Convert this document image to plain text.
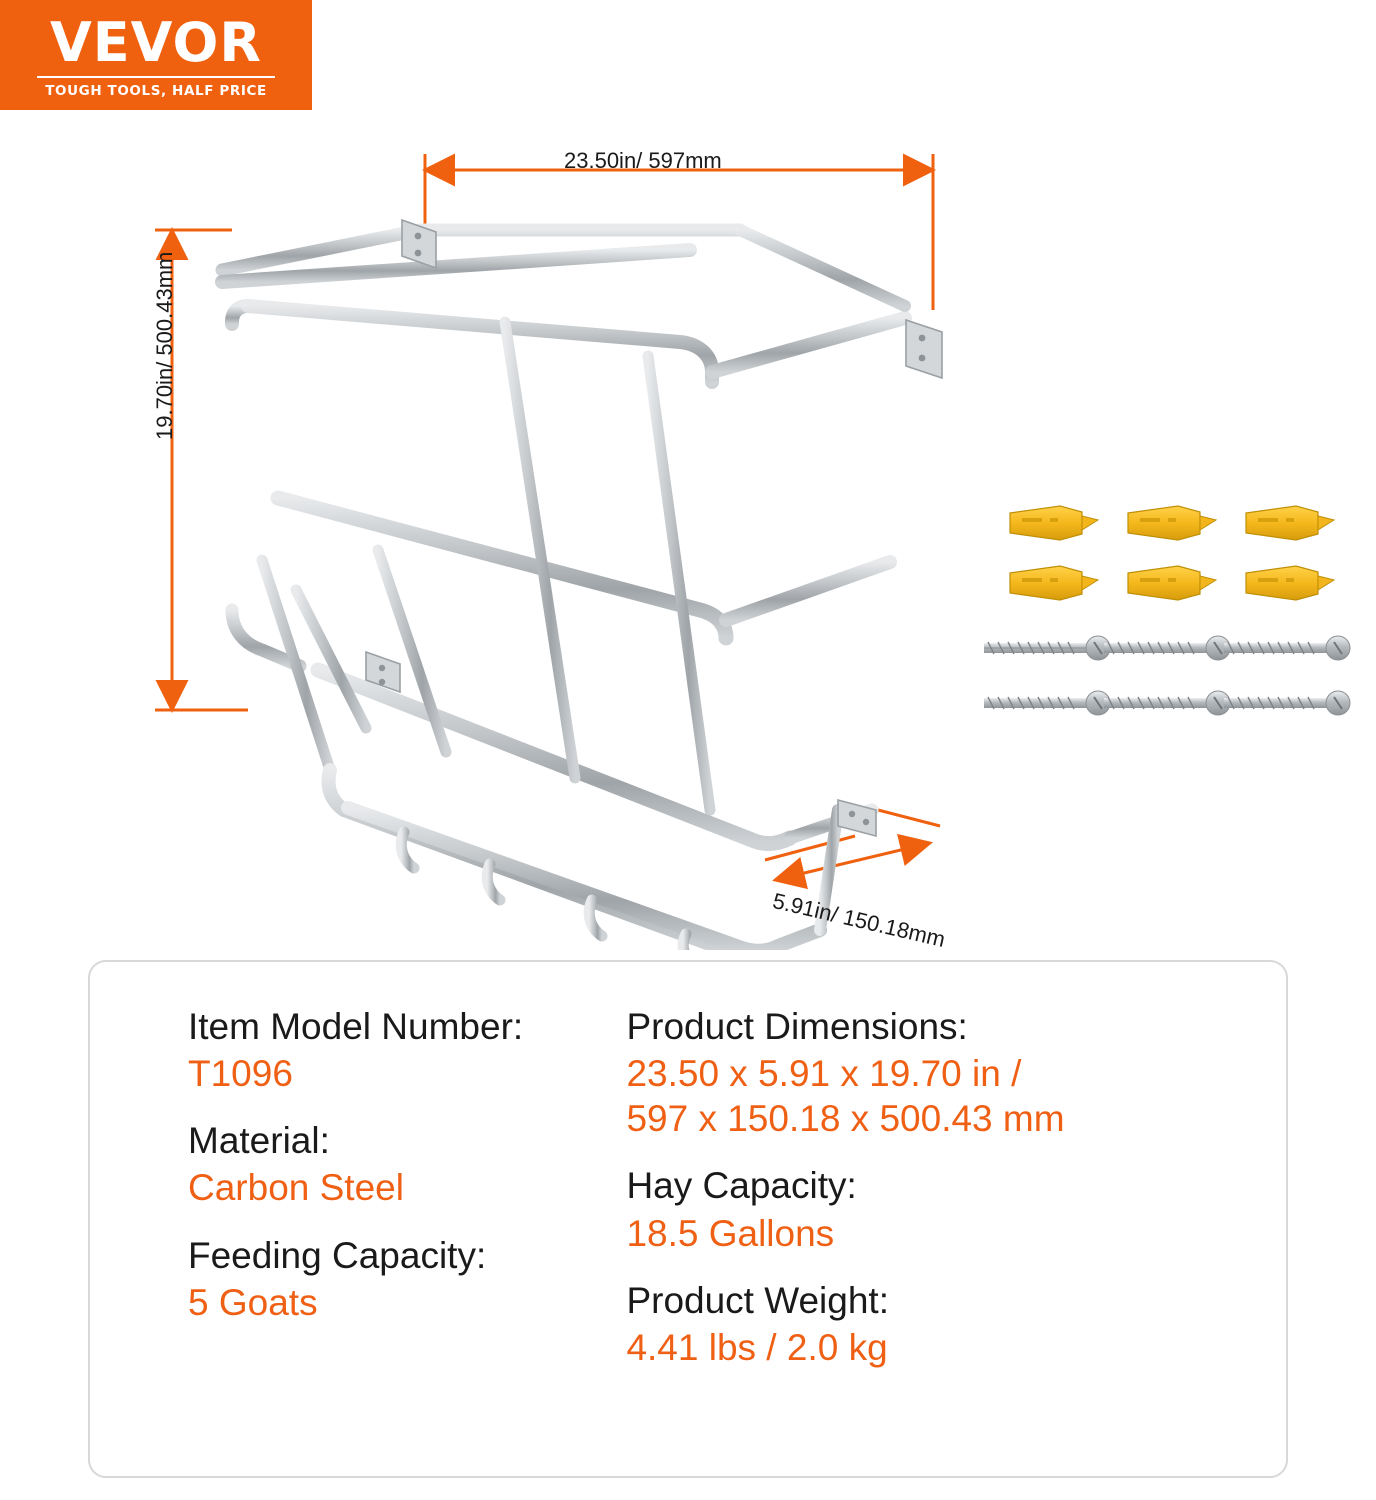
VEVOR
TOUGH TOOLS, HALF PRICE
23.50in/ 597mm
19.70in/ 500.43mm
5.91in/ 150.18mm
Item Model Number:
T1096
Material:
Carbon Steel
Feeding Capacity:
5 Goats
Product Dimensions:
23.50 x 5.91 x 19.70 in / 597 x 150.18 x 500.43 mm
Hay Capacity:
18.5 Gallons
Product Weight:
4.41 lbs / 2.0 kg
